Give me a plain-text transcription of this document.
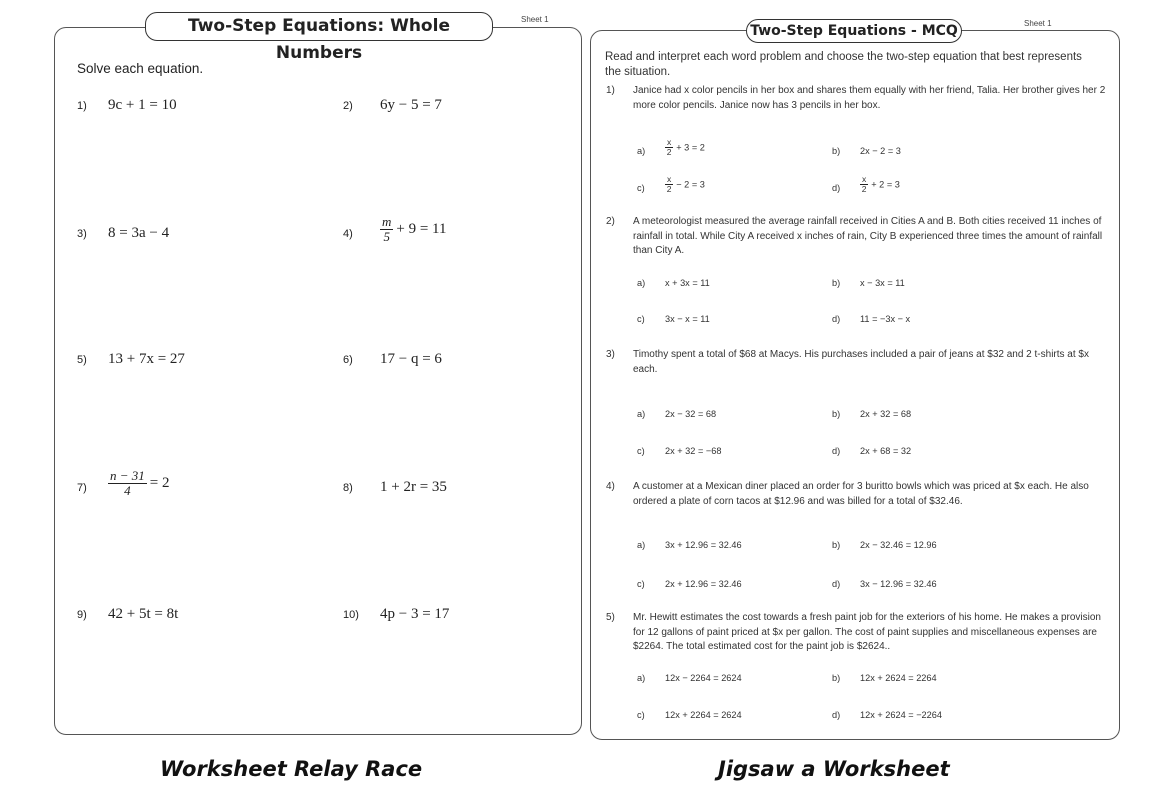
Two-Step Equations: Whole Numbers
Sheet 1
Solve each equation.
1) 9c + 1 = 10	2) 6y − 5 = 7
3) 8 = 3a − 4	$4) \frac{m}{5} + 9 = 11$
5) 13 + 7x = 27	6) 17 − q = 6
$7) \frac{n - 31}{4} = 2$	8) 1 + 2r = 35
9) 42 + 5t = 8t	10) 4p − 3 = 17
Two-Step Equations - MCQ	Sheet 1
Read and interpret each word problem and choose the two-step equation that best represents the situation.
1) Janice had x color pencils in her box and shares them equally with her friend, Talia. Her brother gives her 2 more color pencils. Janice now has 3 pencils in her box.
$a) \frac{x}{2} + 3 = 2$	b) 2x − 2 = 3
$c) \frac{x}{2} - 2 = 3$	$d) \frac{x}{2} + 2 = 3$
2) A meteorologist measured the average rainfall received in Cities A and B. Both cities received 11 inches of rainfall in total. While City A received x inches of rain, City B experienced three times the amount of rainfall than City A.
a) x + 3x = 11	b) x − 3x = 11
c) 3x − x = 11	d) 11 = −3x − x
3) Timothy spent a total of $68 at Macys. His purchases included a pair of jeans at $32 and 2 t-shirts at $x each.
a) 2x − 32 = 68	b) 2x + 32 = 68
c) 2x + 32 = −68	d) 2x + 68 = 32
4) A customer at a Mexican diner placed an order for 3 buritto bowls which was priced at $x each. He also ordered a plate of corn tacos at $12.96 and was billed for a total of $32.46.
a) 3x + 12.96 = 32.46	b) 2x − 32.46 = 12.96
c) 2x + 12.96 = 32.46	d) 3x − 12.96 = 32.46
5) Mr. Hewitt estimates the cost towards a fresh paint job for the exteriors of his home. He makes a provision for 12 gallons of paint priced at $x per gallon. The cost of paint supplies and miscellaneous expenses are $2264. The total estimated cost for the paint job is $2624..
a) 12x − 2264 = 2624	b) 12x + 2624 = 2264
c) 12x + 2264 = 2624	d) 12x + 2624 = −2264
Worksheet Relay Race	Jigsaw a Worksheet
